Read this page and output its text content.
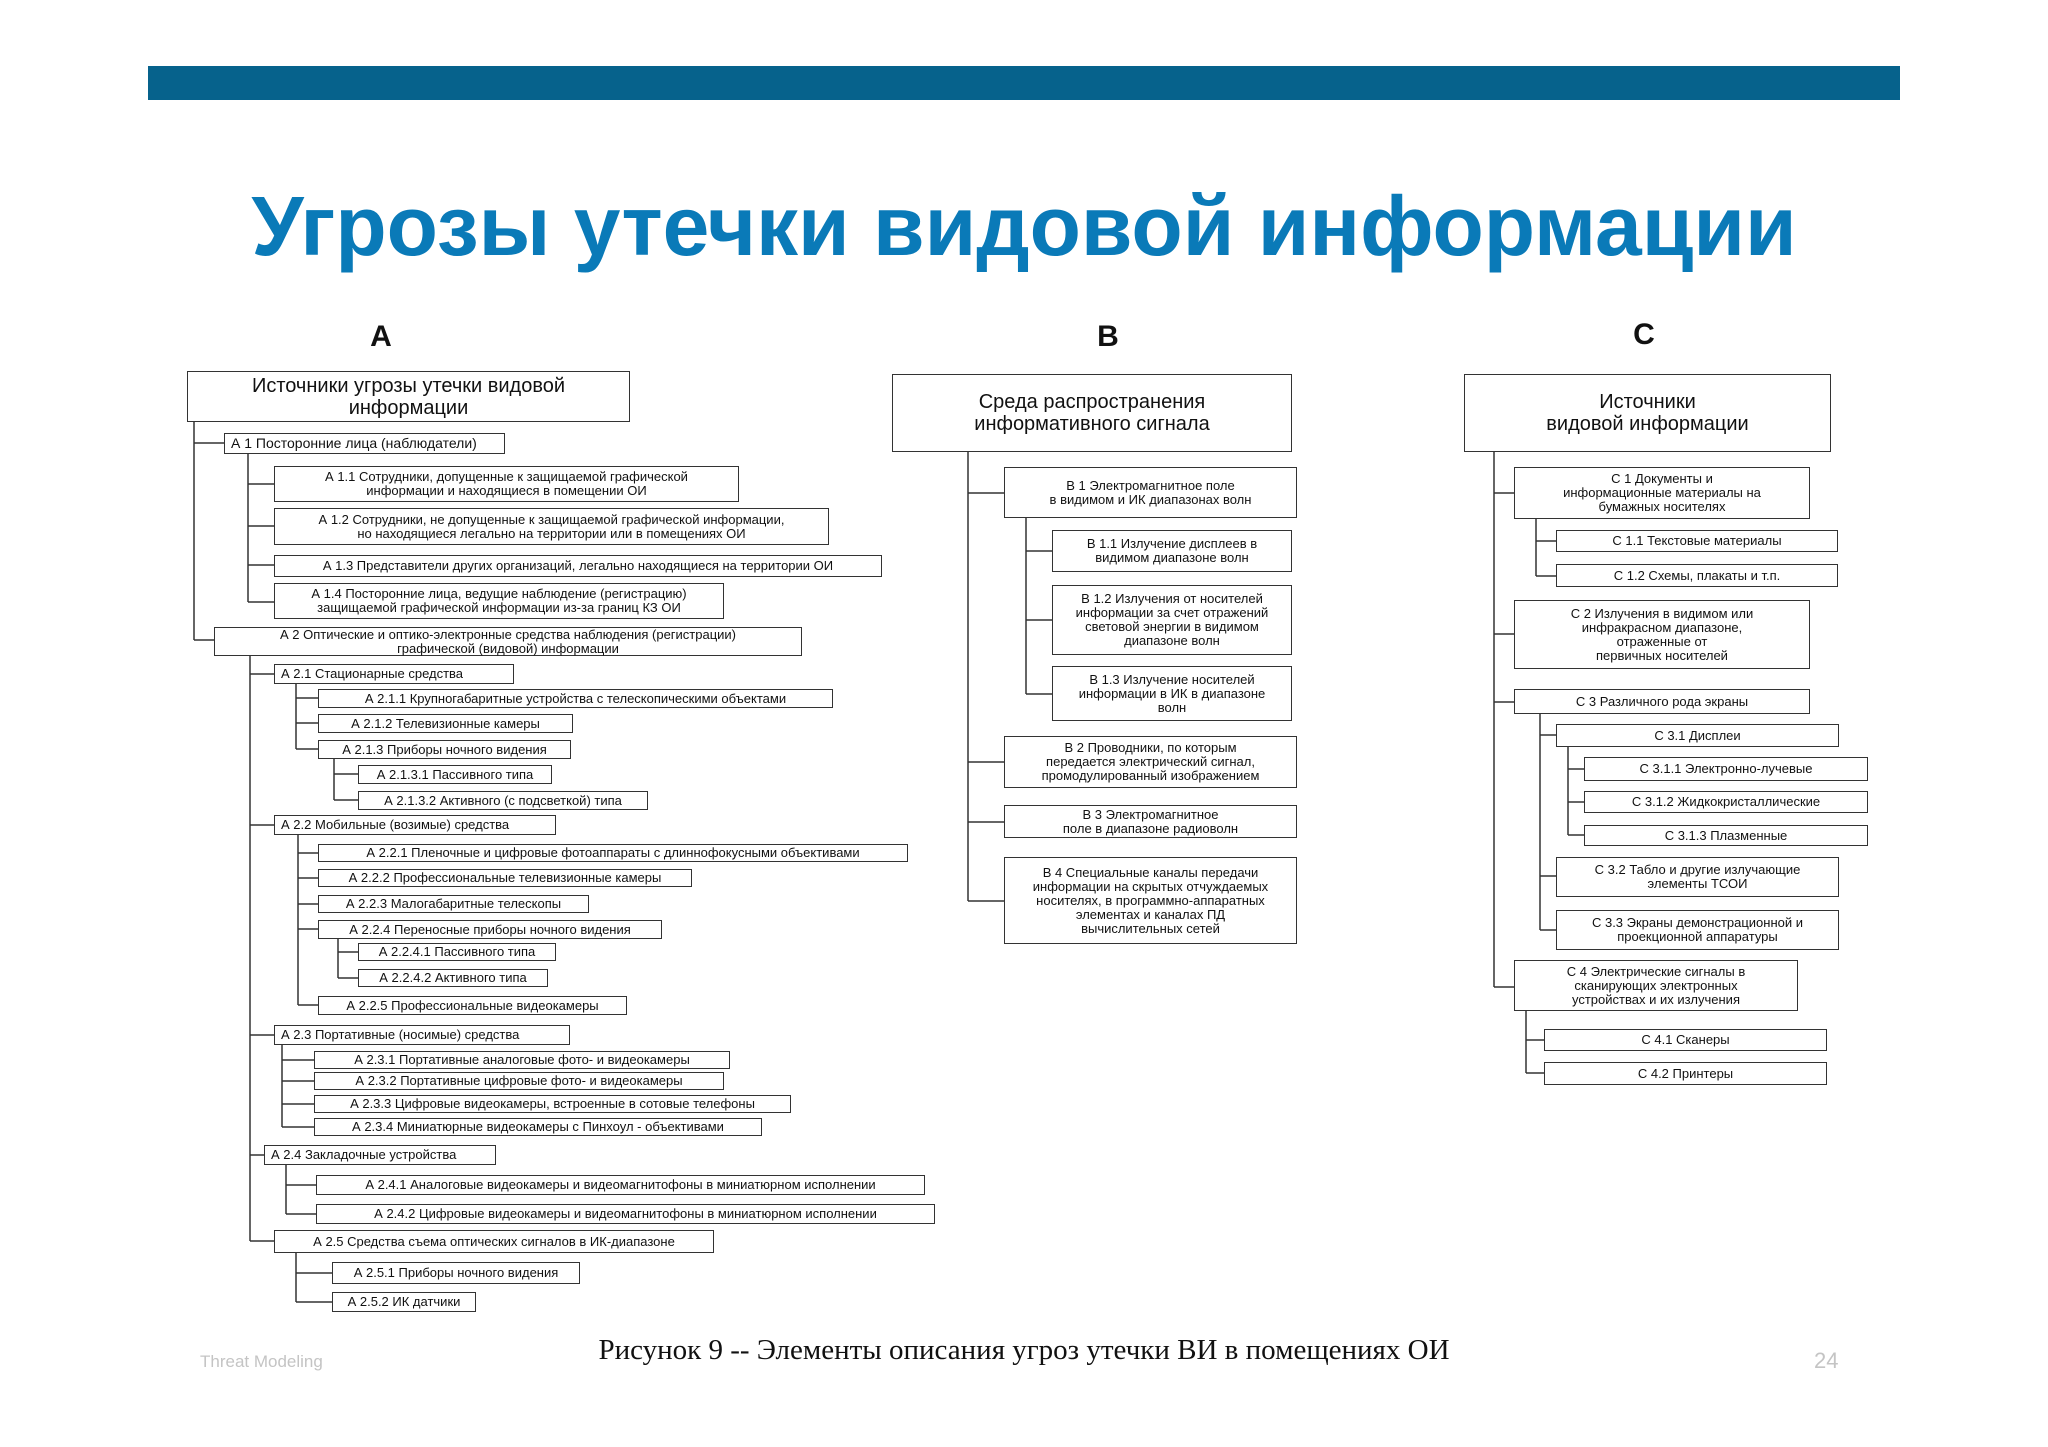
Угрозы утечки видовой информации
А	В	С
Источники угрозы утечки видовой
информации
А 1 Посторонние лица (наблюдатели)
А 1.1 Сотрудники, допущенные к защищаемой графической
информации и находящиеся в помещении ОИ
А 1.2 Сотрудники, не допущенные к защищаемой графической информации,
но находящиеся легально на территории или в помещениях ОИ
А 1.3 Представители других организаций, легально находящиеся на территории ОИ
А 1.4 Посторонние лица, ведущие наблюдение (регистрацию)
защищаемой графической информации из-за границ КЗ ОИ
А 2 Оптические и оптико-электронные средства наблюдения (регистрации)
графической (видовой) информации
А 2.1 Стационарные средства
А 2.1.1 Крупногабаритные устройства с телескопическими объектами
А 2.1.2 Телевизионные камеры
А 2.1.3 Приборы ночного видения
А 2.1.3.1 Пассивного типа
А 2.1.3.2 Активного (с подсветкой) типа
А 2.2 Мобильные (возимые) средства
А 2.2.1 Пленочные и цифровые фотоаппараты с длиннофокусными объективами
А 2.2.2 Профессиональные телевизионные камеры
А 2.2.3 Малогабаритные телескопы
А 2.2.4 Переносные приборы ночного видения
А 2.2.4.1 Пассивного типа
А 2.2.4.2 Активного типа
А 2.2.5 Профессиональные видеокамеры
А 2.3 Портативные (носимые) средства
А 2.3.1 Портативные аналоговые фото- и видеокамеры
А 2.3.2 Портативные цифровые фото- и видеокамеры
А 2.3.3 Цифровые видеокамеры, встроенные в сотовые телефоны
А 2.3.4 Миниатюрные видеокамеры с Пинхоул - объективами
А 2.4 Закладочные устройства
А 2.4.1 Аналоговые видеокамеры и видеомагнитофоны в миниатюрном исполнении
А 2.4.2 Цифровые видеокамеры и видеомагнитофоны в миниатюрном исполнении
А 2.5 Средства съема оптических сигналов в ИК-диапазоне
А 2.5.1 Приборы ночного видения
А 2.5.2 ИК датчики
Среда распространения
информативного сигнала
В 1 Электромагнитное поле
в видимом и ИК диапазонах волн
В 1.1 Излучение дисплеев в
видимом диапазоне волн
В 1.2 Излучения от носителей
информации за счет отражений
световой энергии в видимом
диапазоне волн
В 1.3 Излучение носителей
информации в ИК в диапазоне
волн
В 2 Проводники, по которым
передается электрический сигнал,
промодулированный изображением
В 3 Электромагнитное
поле в диапазоне радиоволн
В 4 Специальные каналы передачи
информации на скрытых отчуждаемых
носителях, в программно-аппаратных
элементах и каналах ПД
вычислительных сетей
Источники
видовой информации
С 1 Документы и
информационные материалы на
бумажных носителях
С 1.1 Текстовые материалы
С 1.2 Схемы, плакаты и т.п.
С 2 Излучения в видимом или
инфракрасном диапазоне,
отраженные от
первичных носителей
С 3 Различного рода экраны
С 3.1 Дисплеи
С 3.1.1 Электронно-лучевые
С 3.1.2 Жидкокристаллические
С 3.1.3 Плазменные
С 3.2 Табло и другие излучающие
элементы ТСОИ
С 3.3 Экраны демонстрационной и
проекционной аппаратуры
С 4 Электрические сигналы в
сканирующих электронных
устройствах и их излучения
С 4.1 Сканеры
С 4.2 Принтеры
Рисунок 9 -- Элементы описания угроз утечки ВИ в помещениях ОИ
Threat Modeling	24
